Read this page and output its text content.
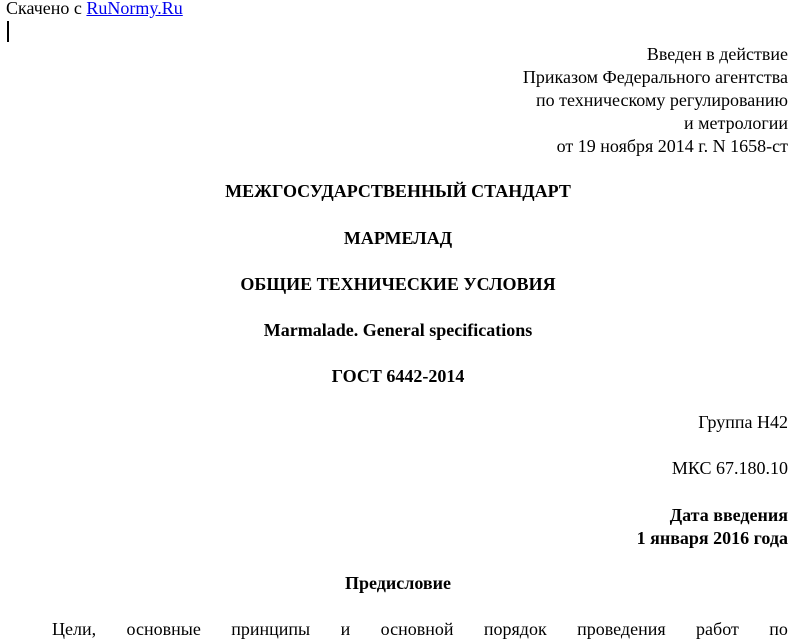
Скачено с RuNormy.Ru
Введен в действие
Приказом Федерального агентства
по техническому регулированию
и метрологии
от 19 ноября 2014 г. N 1658-ст
МЕЖГОСУДАРСТВЕННЫЙ СТАНДАРТ
МАРМЕЛАД
ОБЩИЕ ТЕХНИЧЕСКИЕ УСЛОВИЯ
Marmalade. General specifications
ГОСТ 6442-2014
Группа Н42
МКС 67.180.10
Дата введения
1 января 2016 года
Предисловие
Цели, основные принципы и основной порядок проведения работ по
